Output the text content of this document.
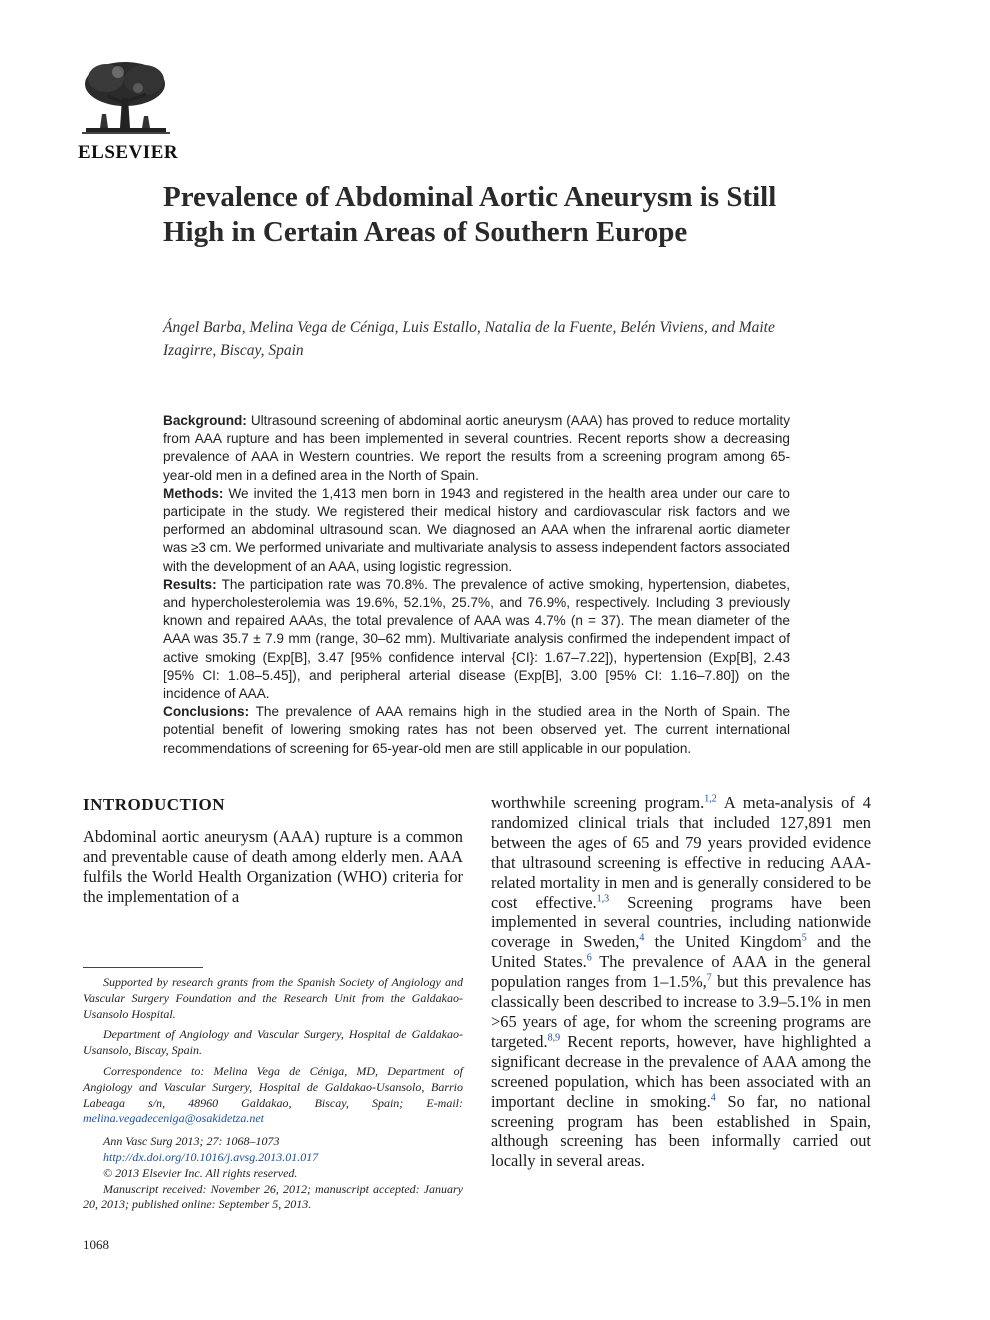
ELSEVIER
Prevalence of Abdominal Aortic Aneurysm is Still High in Certain Areas of Southern Europe
Ángel Barba, Melina Vega de Céniga, Luis Estallo, Natalia de la Fuente, Belén Viviens, and Maite Izagirre, Biscay, Spain

Background: Ultrasound screening of abdominal aortic aneurysm (AAA) has proved to reduce mortality from AAA rupture and has been implemented in several countries. Recent reports show a decreasing prevalence of AAA in Western countries. We report the results from a screening program among 65-year-old men in a defined area in the North of Spain.

Methods: We invited the 1,413 men born in 1943 and registered in the health area under our care to participate in the study. We registered their medical history and cardiovascular risk factors and we performed an abdominal ultrasound scan. We diagnosed an AAA when the infrarenal aortic diameter was ≥3 cm. We performed univariate and multivariate analysis to assess independent factors associated with the development of an AAA, using logistic regression.

Results: The participation rate was 70.8%. The prevalence of active smoking, hypertension, diabetes, and hypercholesterolemia was 19.6%, 52.1%, 25.7%, and 76.9%, respectively. Including 3 previously known and repaired AAAs, the total prevalence of AAA was 4.7% (n = 37). The mean diameter of the AAA was 35.7 ± 7.9 mm (range, 30–62 mm). Multivariate analysis confirmed the independent impact of active smoking (Exp[B], 3.47 [95% confidence interval {CI}: 1.67–7.22]), hypertension (Exp[B], 2.43 [95% CI: 1.08–5.45]), and peripheral arterial disease (Exp[B], 3.00 [95% CI: 1.16–7.80]) on the incidence of AAA.

Conclusions: The prevalence of AAA remains high in the studied area in the North of Spain. The potential benefit of lowering smoking rates has not been observed yet. The current international recommendations of screening for 65-year-old men are still applicable in our population.

INTRODUCTION

Abdominal aortic aneurysm (AAA) rupture is a common and preventable cause of death among elderly men. AAA fulfils the World Health Organization (WHO) criteria for the implementation of a

worthwhile screening program.$^{1,2}$ A meta-analysis of 4 randomized clinical trials that included 127,891 men between the ages of 65 and 79 years provided evidence that ultrasound screening is effective in reducing AAA-related mortality in men and is generally considered to be cost effective.$^{1,3}$ Screening programs have been implemented in several countries, including nationwide coverage in Sweden,$^4$ the United Kingdom$^5$ and the United States.$^6$ The prevalence of AAA in the general population ranges from 1–1.5%,$^7$ but this prevalence has classically been described to increase to 3.9–5.1% in men >65 years of age, for whom the screening programs are targeted.$^{8,9}$ Recent reports, however, have highlighted a significant decrease in the prevalence of AAA among the screened population, which has been associated with an important decline in smoking.$^4$ So far, no national screening program has been established in Spain, although screening has been informally carried out locally in several areas.

Supported by research grants from the Spanish Society of Angiology and Vascular Surgery Foundation and the Research Unit from the Galdakao-Usansolo Hospital.

Department of Angiology and Vascular Surgery, Hospital de Galdakao-Usansolo, Biscay, Spain.

Correspondence to: Melina Vega de Céniga, MD, Department of Angiology and Vascular Surgery, Hospital de Galdakao-Usansolo, Barrio Labeaga s/n, 48960 Galdakao, Biscay, Spain; E-mail: melina.vegadeceniga@osakidetza.net

Ann Vasc Surg 2013; 27: 1068–1073

http://dx.doi.org/10.1016/j.avsg.2013.01.017

© 2013 Elsevier Inc. All rights reserved.

Manuscript received: November 26, 2012; manuscript accepted: January 20, 2013; published online: September 5, 2013.

1068
